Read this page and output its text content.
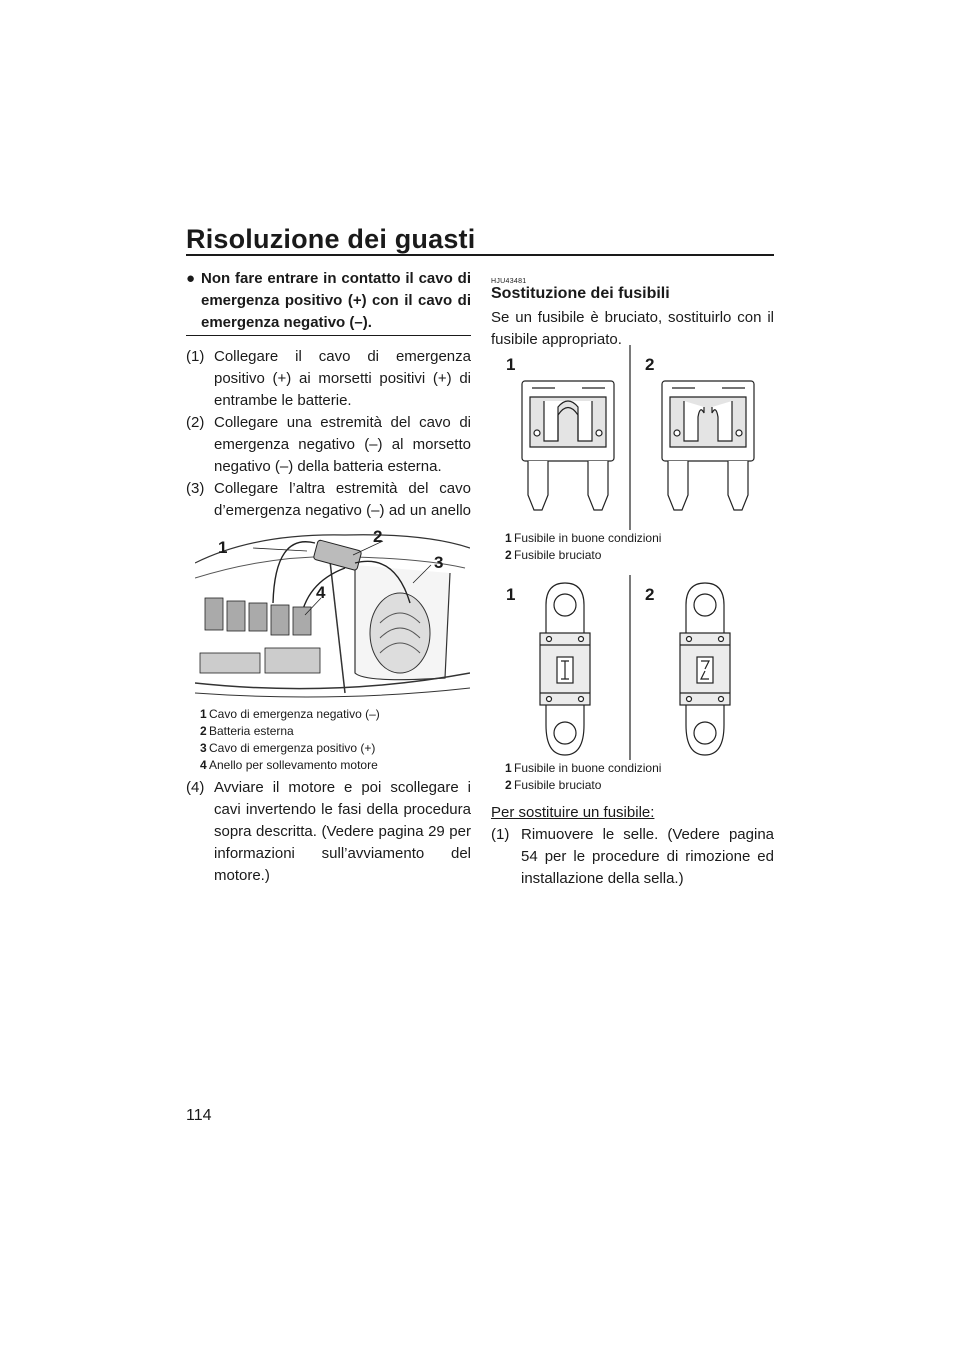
Risoluzione dei guasti
● Non fare entrare in contatto il cavo di emergenza positivo (+) con il cavo di emergenza negativo (–).
(1) Collegare il cavo di emergenza positivo (+) ai morsetti positivi (+) di entrambe le batterie.
(2) Collegare una estremità del cavo di emergenza negativo (–) al morsetto negativo (–) della batteria esterna.
(3) Collegare l’altra estremità del cavo d’emergenza negativo (–) ad un anello
1
2
3
4
1 Cavo di emergenza negativo (–)
2 Batteria esterna
3 Cavo di emergenza positivo (+)
4 Anello per sollevamento motore
(4) Avviare il motore e poi scollegare i cavi invertendo le fasi della procedura sopra descritta. (Vedere pagina 29 per informazioni sull’avviamento del motore.)
HJU43481
Sostituzione dei fusibili
Se un fusibile è bruciato, sostituirlo con il fusibile appropriato.
1	2
1 Fusibile in buone condizioni
2 Fusibile bruciato
1	2
1 Fusibile in buone condizioni
2 Fusibile bruciato
Per sostituire un fusibile:
(1) Rimuovere le selle. (Vedere pagina 54 per le procedure di rimozione ed installazione della sella.)
114
